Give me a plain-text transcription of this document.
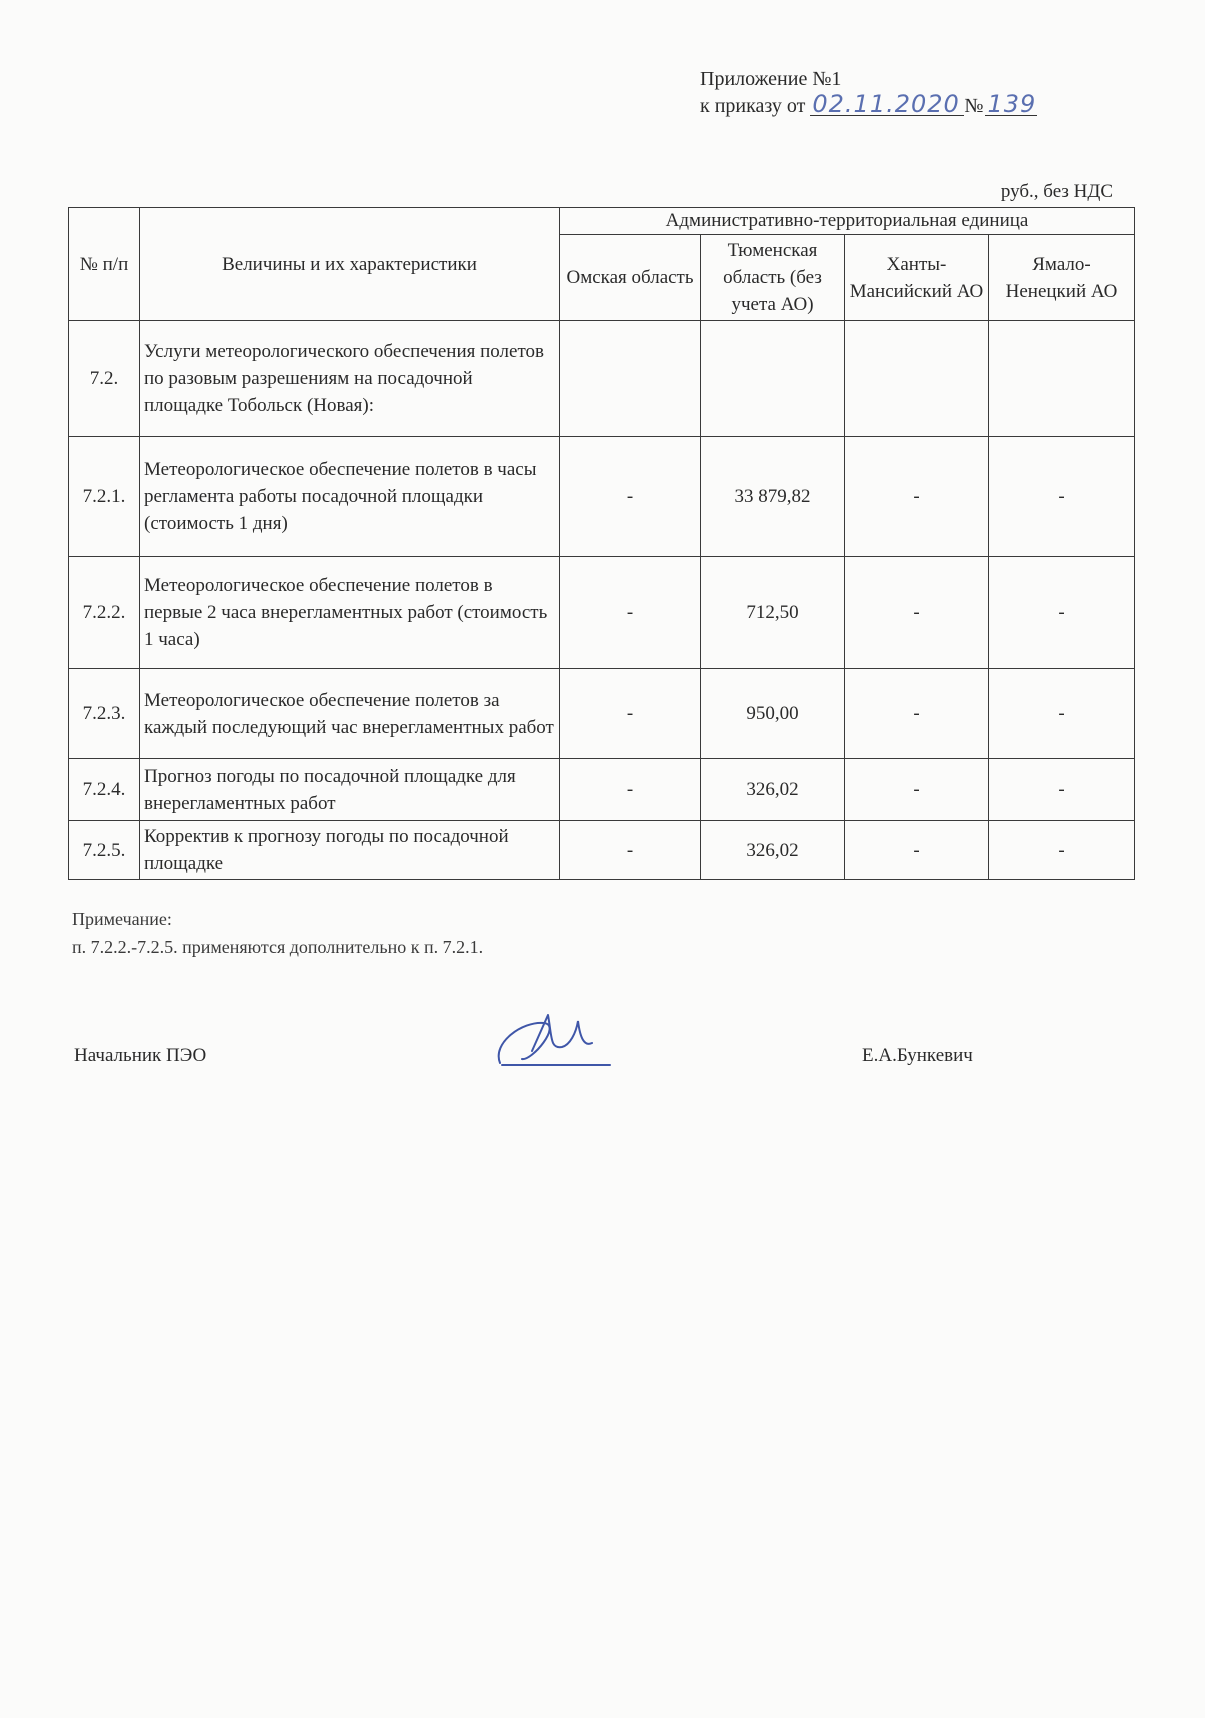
Приложение №1
к приказу от 02.11.2020 № 139
руб., без НДС
№ п/п	Величины и их характеристики	Административно-территориальная единица			
		Омская область	Тюменская область (без учета АО)	Ханты-Мансийский АО	Ямало-Ненецкий АО
7.2.	Услуги метеорологического обеспечения полетов по разовым разрешениям на посадочной площадке Тобольск (Новая):				
7.2.1.	Метеорологическое обеспечение полетов в часы регламента работы посадочной площадки (стоимость 1 дня)	-	33 879,82	-	-
7.2.2.	Метеорологическое обеспечение полетов в первые 2 часа внерегламентных работ (стоимость 1 часа)	-	712,50	-	-
7.2.3.	Метеорологическое обеспечение полетов за каждый последующий час внерегламентных работ	-	950,00	-	-
7.2.4.	Прогноз погоды по посадочной площадке для внерегламентных работ	-	326,02	-	-
7.2.5.	Корректив к прогнозу погоды по посадочной площадке	-	326,02	-	-
Примечание:
п. 7.2.2.-7.2.5. применяются дополнительно к п. 7.2.1.
Начальник ПЭО	Е.А.Бункевич
